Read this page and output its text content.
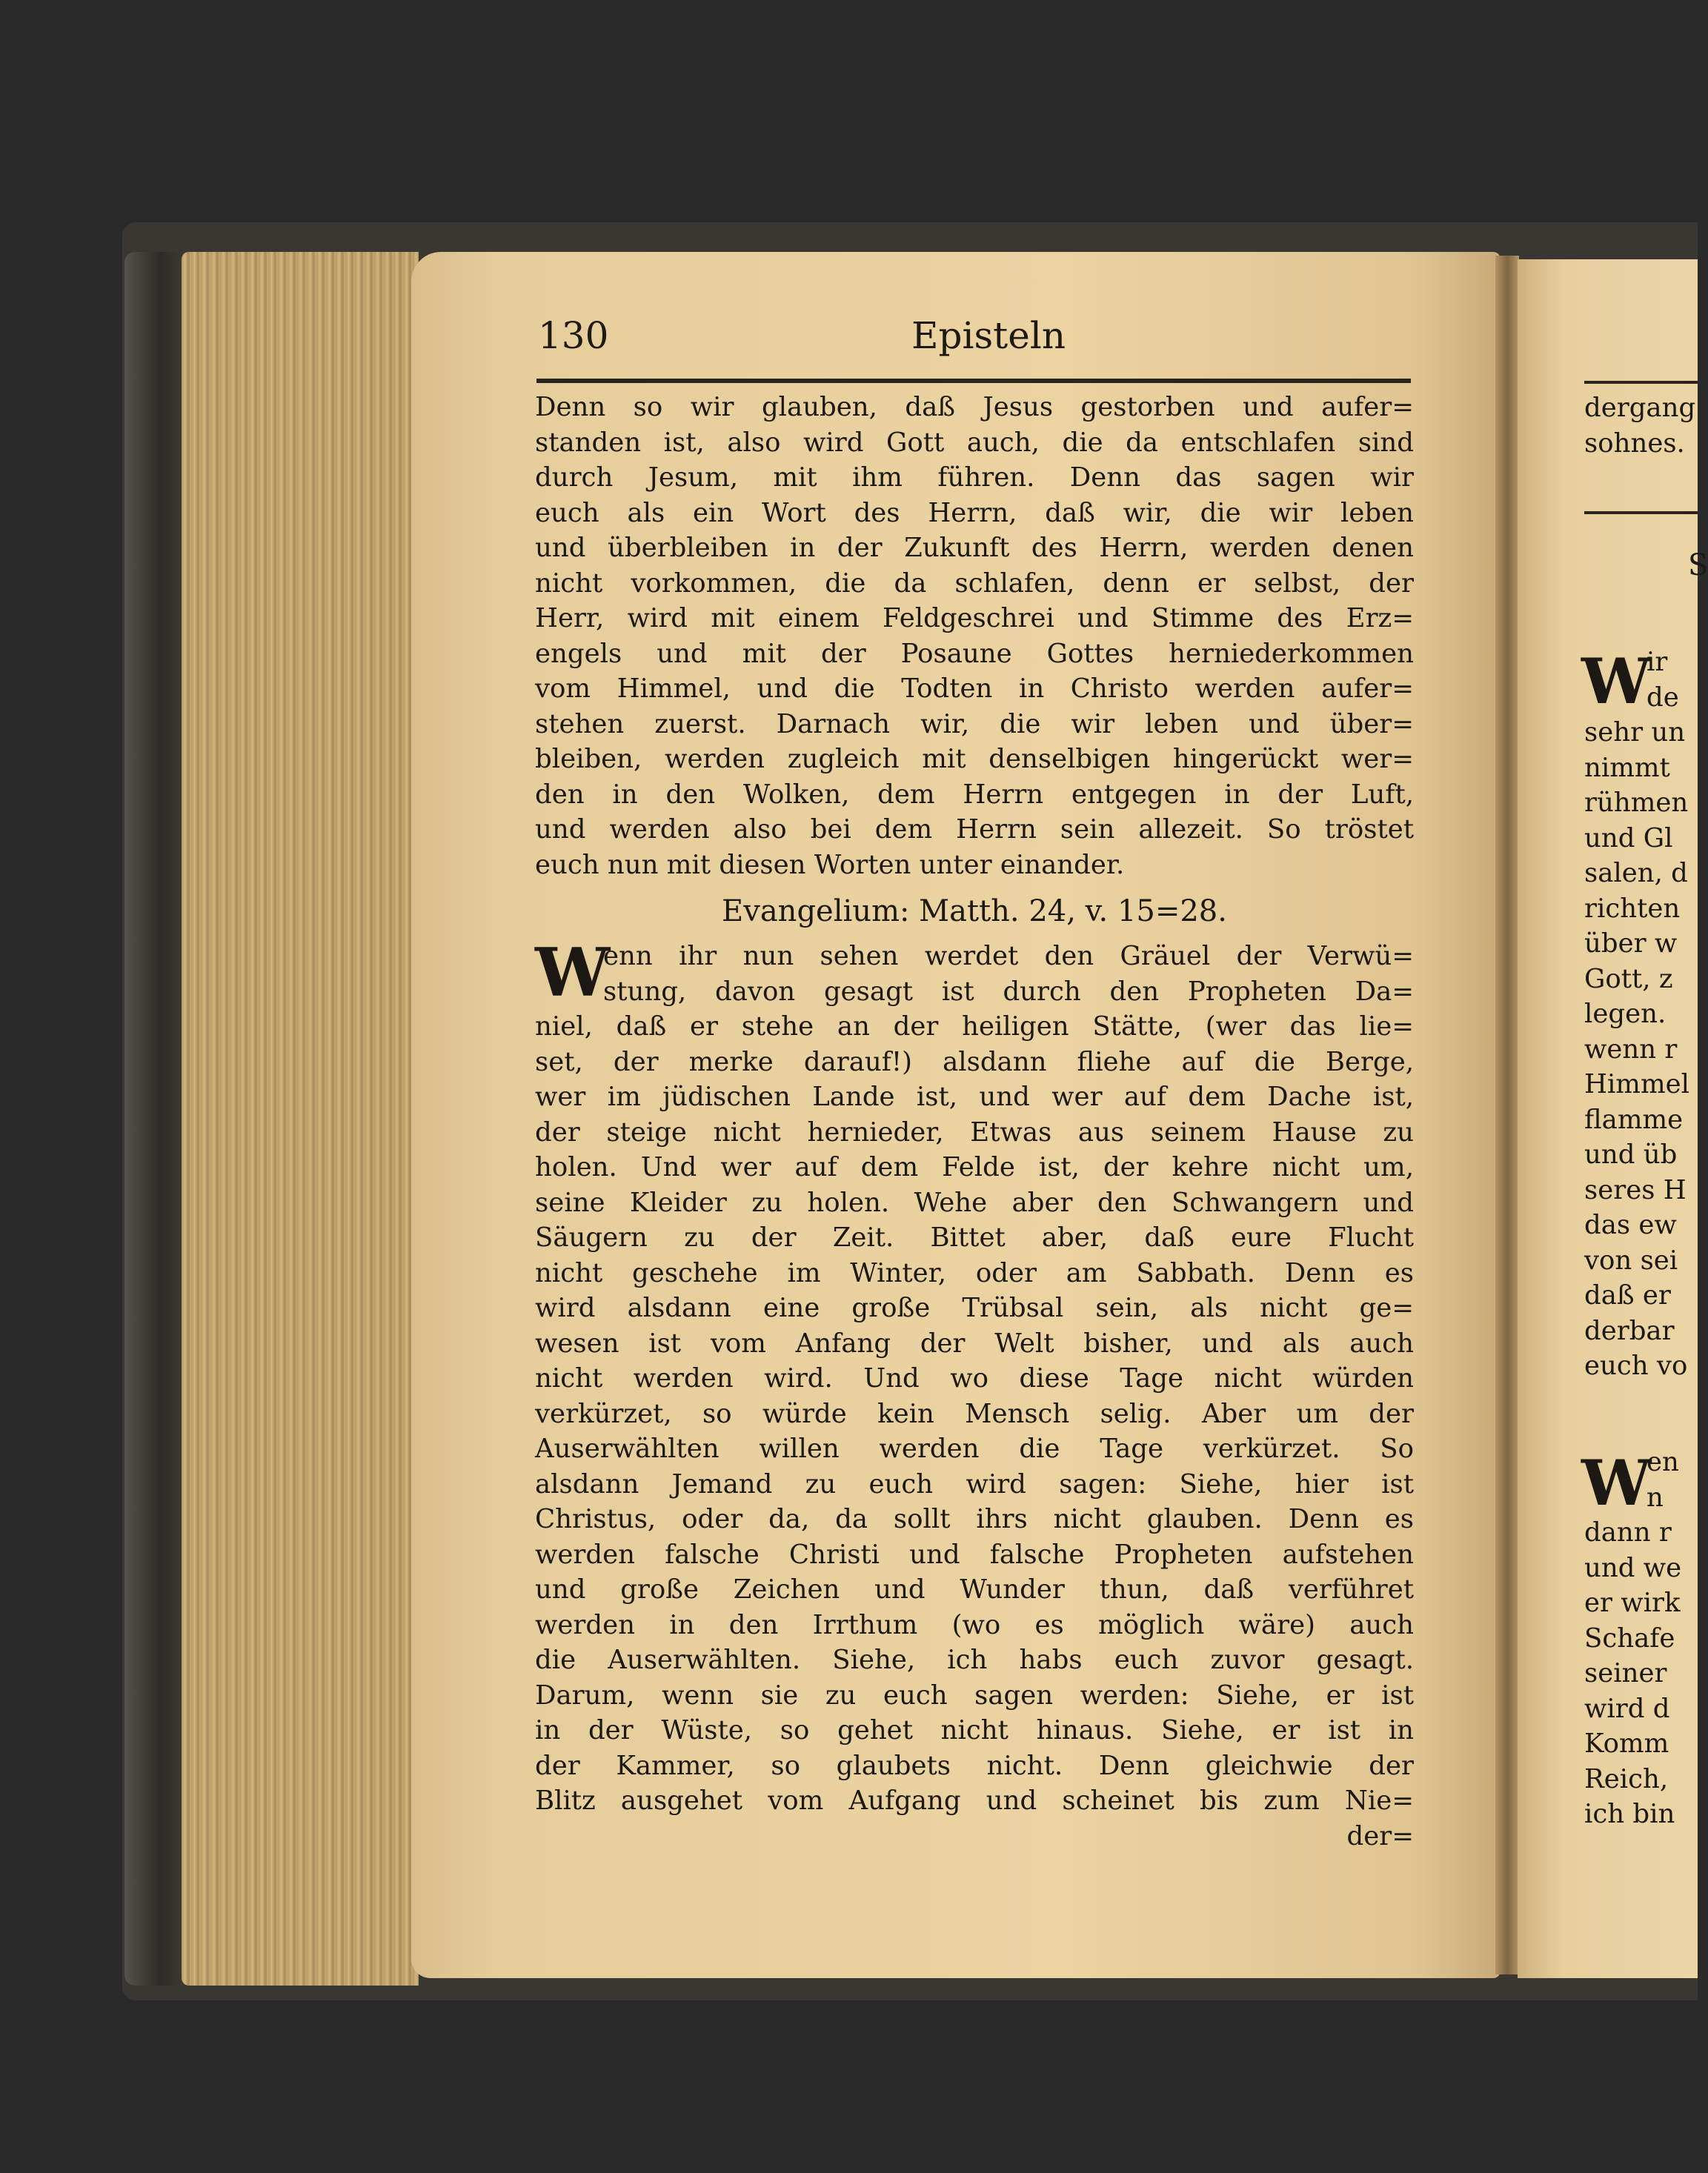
130	Episteln
Denn so wir glauben, daß Jesus gestorben und aufer=
standen ist, also wird Gott auch, die da entschlafen sind
durch Jesum, mit ihm führen. Denn das sagen wir
euch als ein Wort des Herrn, daß wir, die wir leben
und überbleiben in der Zukunft des Herrn, werden denen
nicht vorkommen, die da schlafen, denn er selbst, der
Herr, wird mit einem Feldgeschrei und Stimme des Erz=
engels und mit der Posaune Gottes herniederkommen
vom Himmel, und die Todten in Christo werden aufer=
stehen zuerst. Darnach wir, die wir leben und über=
bleiben, werden zugleich mit denselbigen hingerückt wer=
den in den Wolken, dem Herrn entgegen in der Luft,
und werden also bei dem Herrn sein allezeit. So tröstet
euch nun mit diesen Worten unter einander.
Evangelium: Matth. 24, v. 15=28.
W
enn ihr nun sehen werdet den Gräuel der Verwü=
stung, davon gesagt ist durch den Propheten Da=
niel, daß er stehe an der heiligen Stätte, (wer das lie=
set, der merke darauf!) alsdann fliehe auf die Berge,
wer im jüdischen Lande ist, und wer auf dem Dache ist,
der steige nicht hernieder, Etwas aus seinem Hause zu
holen. Und wer auf dem Felde ist, der kehre nicht um,
seine Kleider zu holen. Wehe aber den Schwangern und
Säugern zu der Zeit. Bittet aber, daß eure Flucht
nicht geschehe im Winter, oder am Sabbath. Denn es
wird alsdann eine große Trübsal sein, als nicht ge=
wesen ist vom Anfang der Welt bisher, und als auch
nicht werden wird. Und wo diese Tage nicht würden
verkürzet, so würde kein Mensch selig. Aber um der
Auserwählten willen werden die Tage verkürzet. So
alsdann Jemand zu euch wird sagen: Siehe, hier ist
Christus, oder da, da sollt ihrs nicht glauben. Denn es
werden falsche Christi und falsche Propheten aufstehen
und große Zeichen und Wunder thun, daß verführet
werden in den Irrthum (wo es möglich wäre) auch
die Auserwählten. Siehe, ich habs euch zuvor gesagt.
Darum, wenn sie zu euch sagen werden: Siehe, er ist
in der Wüste, so gehet nicht hinaus. Siehe, er ist in
der Kammer, so glaubets nicht. Denn gleichwie der
Blitz ausgehet vom Aufgang und scheinet bis zum Nie=
der=
dergang
sohnes.
S
W
ir
de
sehr un
nimmt
rühmen
und Gl
salen, d
richten
über w
Gott, z
legen.
wenn r
Himmel
flamme
und üb
seres H
das ew
von sei
daß er
derbar
euch vo
W
en
n
dann r
und we
er wirk
Schafe
seiner
wird d
Komm
Reich,
ich bin
